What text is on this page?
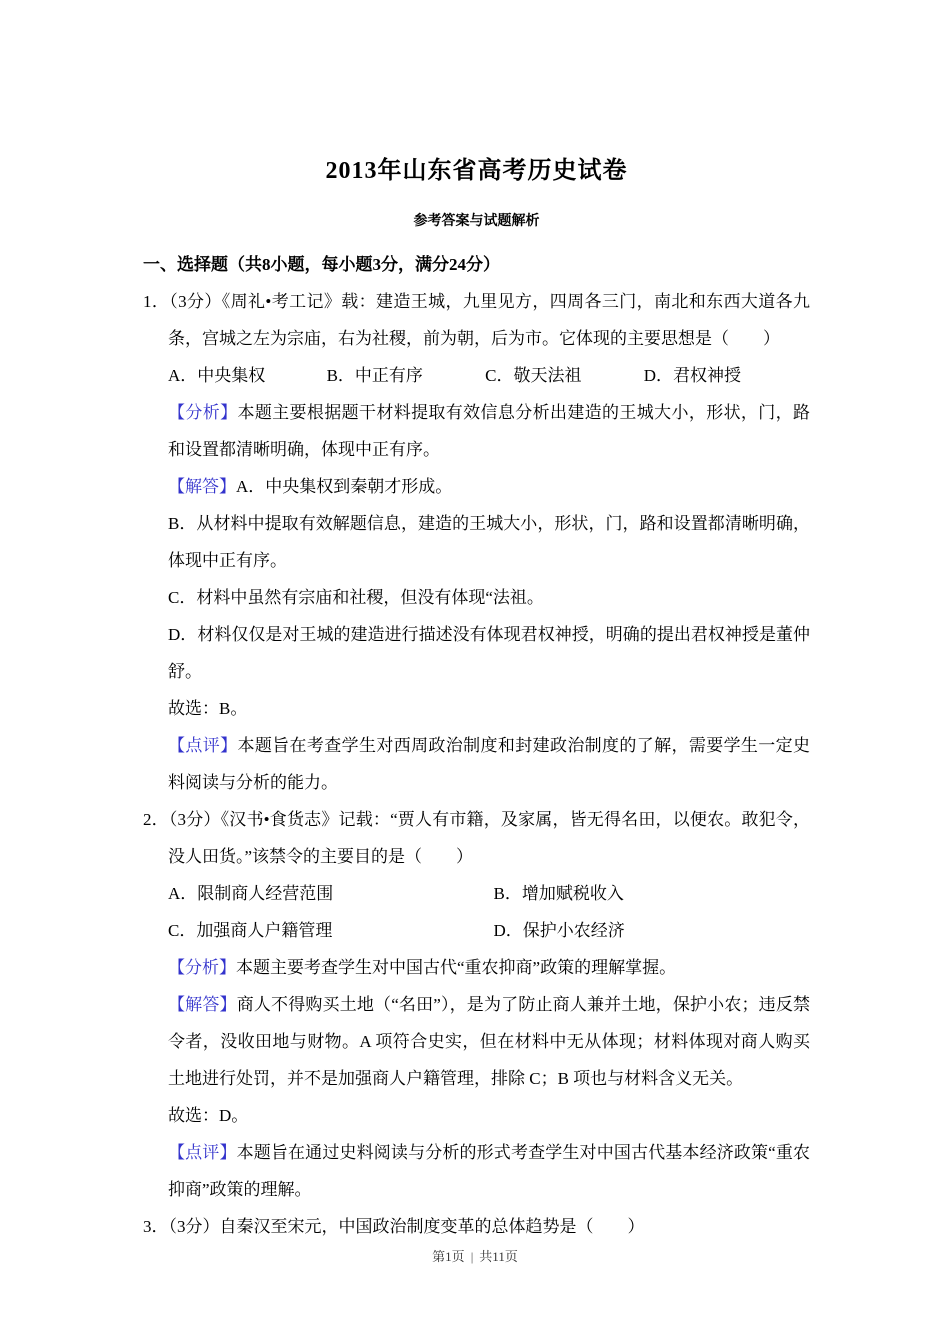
2013年山东省高考历史试卷
参考答案与试题解析
一、选择题（共8小题，每小题3分，满分24分）

1．（3分）《周礼•考工记》载：建造王城，九里见方，四周各三门，南北和东西大道各九条，宫城之左为宗庙，右为社稷，前为朝，后为市。它体现的主要思想是（　　）

A．中央集权	B．中正有序	C．敬天法祖	D．君权神授

【分析】本题主要根据题干材料提取有效信息分析出建造的王城大小，形状，门，路和设置都清晰明确，体现中正有序。

【解答】A．中央集权到秦朝才形成。

B．从材料中提取有效解题信息，建造的王城大小，形状，门，路和设置都清晰明确，体现中正有序。

C．材料中虽然有宗庙和社稷，但没有体现“法祖。

D．材料仅仅是对王城的建造进行描述没有体现君权神授，明确的提出君权神授是董仲舒。

故选：B。

【点评】本题旨在考查学生对西周政治制度和封建政治制度的了解，需要学生一定史料阅读与分析的能力。

2．（3分）《汉书•食货志》记载：“贾人有市籍，及家属，皆无得名田，以便农。敢犯令，没人田货。”该禁令的主要目的是（　　）

A．限制商人经营范围	B．增加赋税收入
C．加强商人户籍管理	D．保护小农经济

【分析】本题主要考查学生对中国古代“重农抑商”政策的理解掌握。

【解答】商人不得购买土地（“名田”），是为了防止商人兼并土地，保护小农；违反禁令者，没收田地与财物。A 项符合史实，但在材料中无从体现；材料体现对商人购买土地进行处罚，并不是加强商人户籍管理，排除 C；B 项也与材料含义无关。

故选：D。

【点评】本题旨在通过史料阅读与分析的形式考查学生对中国古代基本经济政策“重农抑商”政策的理解。

3．（3分）自秦汉至宋元，中国政治制度变革的总体趋势是（　　）

第1页 | 共11页
